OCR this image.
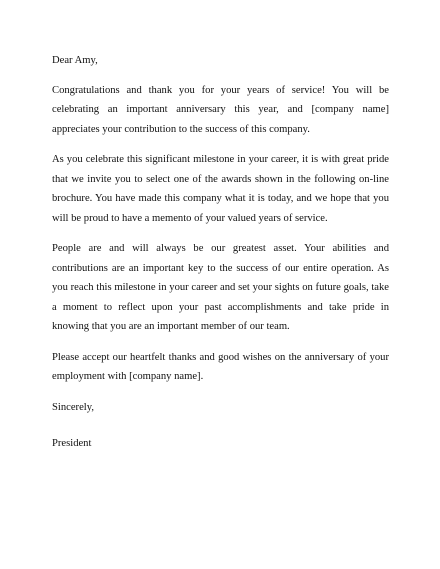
Dear Amy,

Congratulations and thank you for your years of service! You will be celebrating an important anniversary this year, and [company name] appreciates your contribution to the success of this company.

As you celebrate this significant milestone in your career, it is with great pride that we invite you to select one of the awards shown in the following on-line brochure. You have made this company what it is today, and we hope that you will be proud to have a memento of your valued years of service.

People are and will always be our greatest asset. Your abilities and contributions are an important key to the success of our entire operation. As you reach this milestone in your career and set your sights on future goals, take a moment to reflect upon your past accomplishments and take pride in knowing that you are an important member of our team.

Please accept our heartfelt thanks and good wishes on the anniversary of your employment with [company name].

Sincerely,

President
